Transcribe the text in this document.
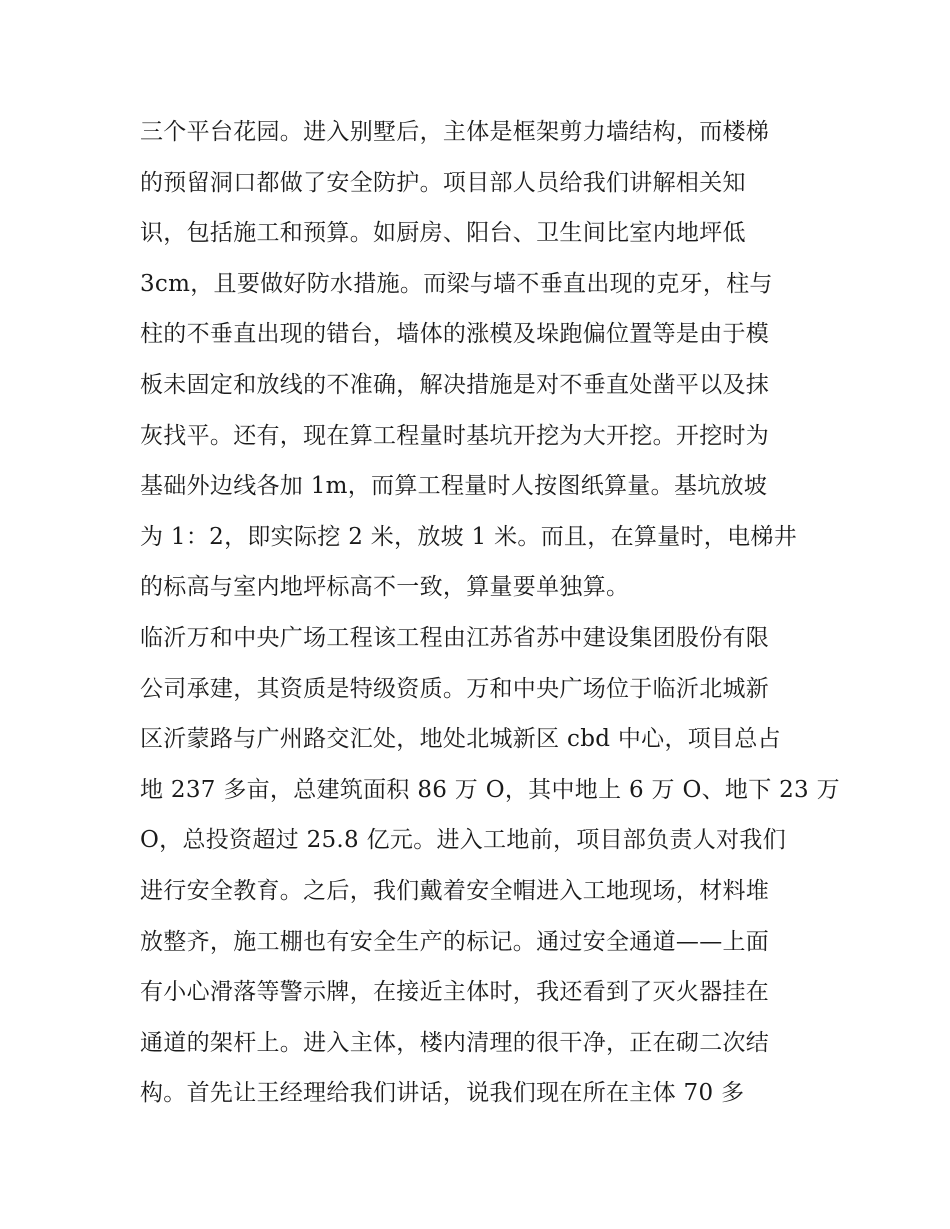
三个平台花园。进入别墅后，主体是框架剪力墙结构，而楼梯
的预留洞口都做了安全防护。项目部人员给我们讲解相关知
识，包括施工和预算。如厨房、阳台、卫生间比室内地坪低
3cm，且要做好防水措施。而梁与墙不垂直出现的克牙，柱与
柱的不垂直出现的错台，墙体的涨模及垛跑偏位置等是由于模
板未固定和放线的不准确，解决措施是对不垂直处凿平以及抹
灰找平。还有，现在算工程量时基坑开挖为大开挖。开挖时为
基础外边线各加 1m，而算工程量时人按图纸算量。基坑放坡
为 1：2，即实际挖 2 米，放坡 1 米。而且，在算量时，电梯井
的标高与室内地坪标高不一致，算量要单独算。
临沂万和中央广场工程该工程由江苏省苏中建设集团股份有限
公司承建，其资质是特级资质。万和中央广场位于临沂北城新
区沂蒙路与广州路交汇处，地处北城新区 cbd 中心，项目总占
地 237 多亩，总建筑面积 86 万 O，其中地上 6 万 O、地下 23 万
O，总投资超过 25.8 亿元。进入工地前，项目部负责人对我们
进行安全教育。之后，我们戴着安全帽进入工地现场，材料堆
放整齐，施工棚也有安全生产的标记。通过安全通道——上面
有小心滑落等警示牌，在接近主体时，我还看到了灭火器挂在
通道的架杆上。进入主体，楼内清理的很干净，正在砌二次结
构。首先让王经理给我们讲话，说我们现在所在主体 70 多
